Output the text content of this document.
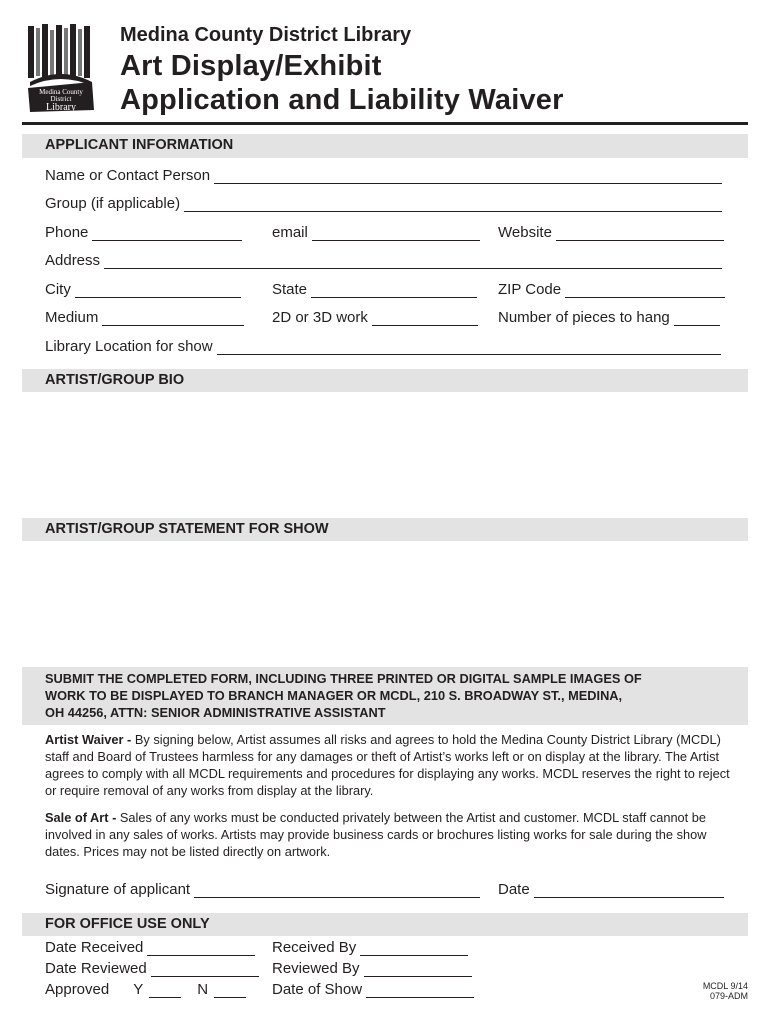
Medina County
District
Library
Medina County District Library
Art Display/Exhibit
Application and Liability Waiver
APPLICANT INFORMATION
Name or Contact Person
Group (if applicable)
Phone	email	Website
Address
City	State	ZIP Code
Medium	2D or 3D work	Number of pieces to hang
Library Location for show
ARTIST/GROUP BIO
ARTIST/GROUP STATEMENT FOR SHOW
SUBMIT THE COMPLETED FORM, INCLUDING THREE PRINTED OR DIGITAL SAMPLE IMAGES OF
WORK TO BE DISPLAYED TO BRANCH MANAGER OR MCDL, 210 S. BROADWAY ST., MEDINA,
OH 44256, ATTN: SENIOR ADMINISTRATIVE ASSISTANT
Artist Waiver - By signing below, Artist assumes all risks and agrees to hold the Medina County District Library (MCDL) staff and Board of Trustees harmless for any damages or theft of Artist’s works left or on display at the library. The Artist agrees to comply with all MCDL requirements and procedures for displaying any works. MCDL reserves the right to reject or require removal of any works from display at the library.
Sale of Art - Sales of any works must be conducted privately between the Artist and customer. MCDL staff cannot be involved in any sales of works. Artists may provide business cards or brochures listing works for sale during the show dates. Prices may not be listed directly on artwork.
Signature of applicant	Date
FOR OFFICE USE ONLY
Date Received	Received By
Date Reviewed	Reviewed By
Approved Y	N	Date of Show	MCDL 9/14
079-ADM
